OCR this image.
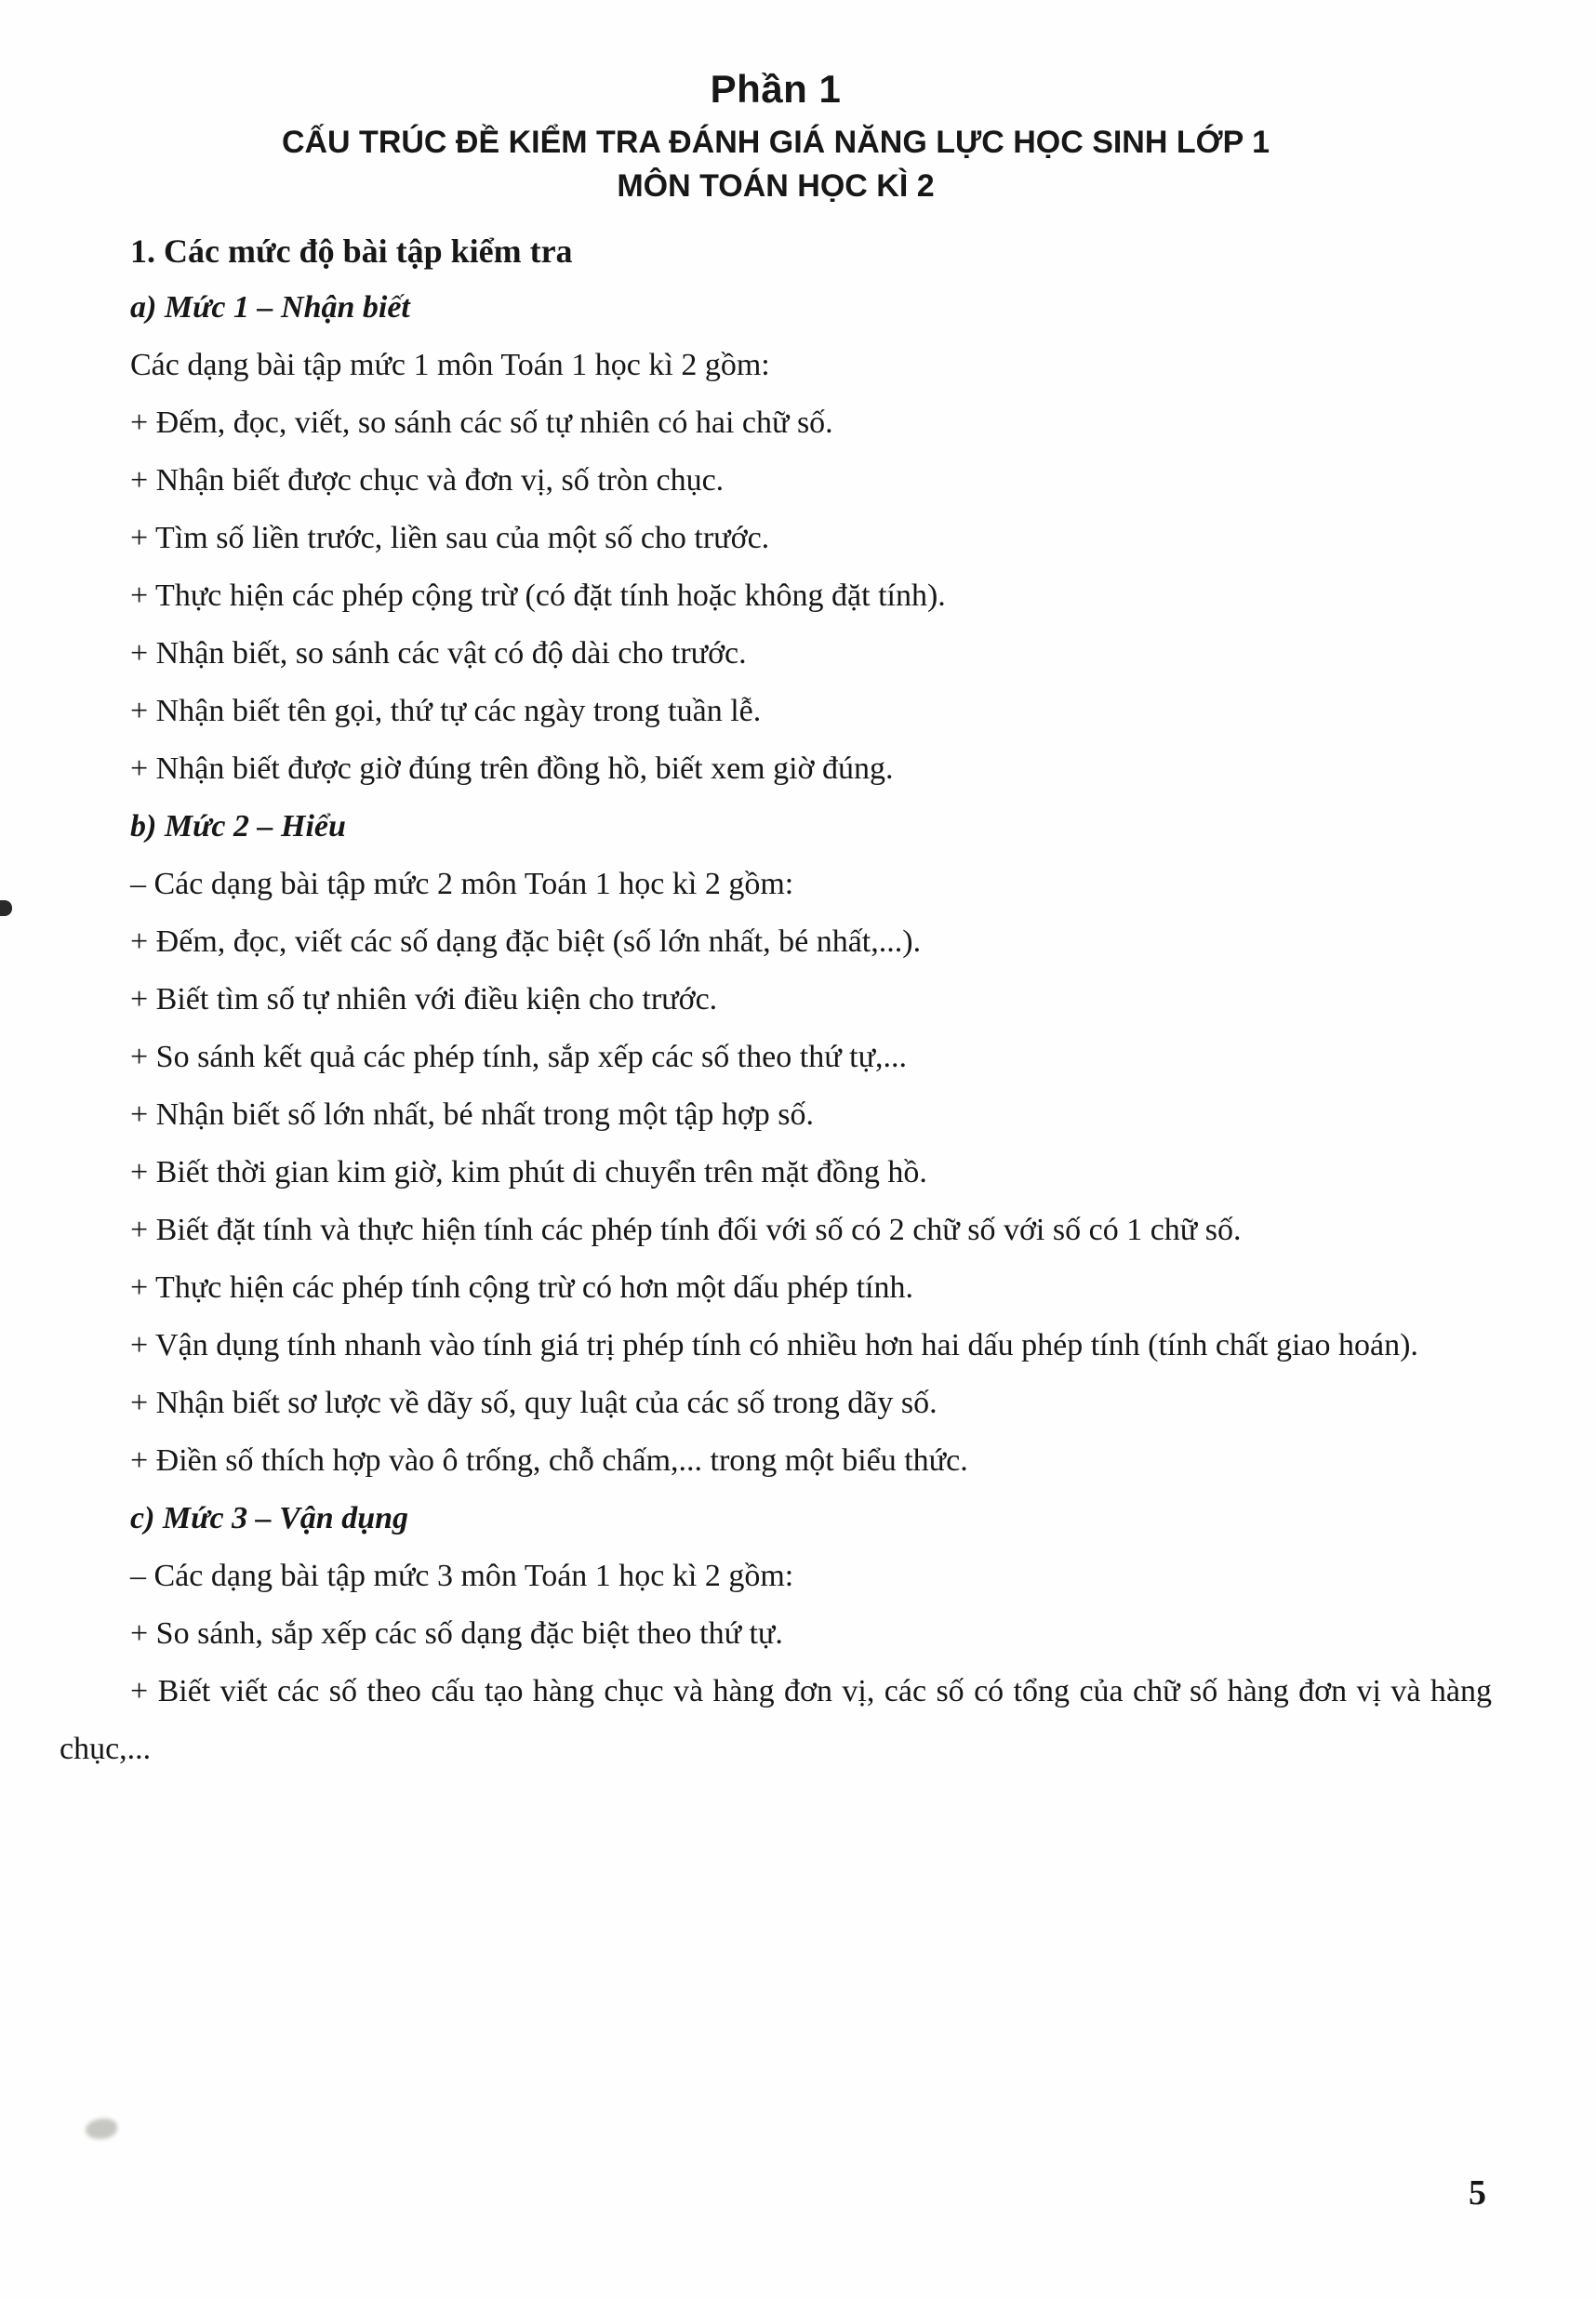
Phần 1
CẤU TRÚC ĐỀ KIỂM TRA ĐÁNH GIÁ NĂNG LỰC HỌC SINH LỚP 1
MÔN TOÁN HỌC KÌ 2
1. Các mức độ bài tập kiểm tra

a) Mức 1 – Nhận biết

Các dạng bài tập mức 1 môn Toán 1 học kì 2 gồm:

+ Đếm, đọc, viết, so sánh các số tự nhiên có hai chữ số.

+ Nhận biết được chục và đơn vị, số tròn chục.

+ Tìm số liền trước, liền sau của một số cho trước.

+ Thực hiện các phép cộng trừ (có đặt tính hoặc không đặt tính).

+ Nhận biết, so sánh các vật có độ dài cho trước.

+ Nhận biết tên gọi, thứ tự các ngày trong tuần lễ.

+ Nhận biết được giờ đúng trên đồng hồ, biết xem giờ đúng.

b) Mức 2 – Hiểu

– Các dạng bài tập mức 2 môn Toán 1 học kì 2 gồm:

+ Đếm, đọc, viết các số dạng đặc biệt (số lớn nhất, bé nhất,...).

+ Biết tìm số tự nhiên với điều kiện cho trước.

+ So sánh kết quả các phép tính, sắp xếp các số theo thứ tự,...

+ Nhận biết số lớn nhất, bé nhất trong một tập hợp số.

+ Biết thời gian kim giờ, kim phút di chuyển trên mặt đồng hồ.

+ Biết đặt tính và thực hiện tính các phép tính đối với số có 2 chữ số với số có 1 chữ số.

+ Thực hiện các phép tính cộng trừ có hơn một dấu phép tính.

+ Vận dụng tính nhanh vào tính giá trị phép tính có nhiều hơn hai dấu phép tính (tính chất giao hoán).

+ Nhận biết sơ lược về dãy số, quy luật của các số trong dãy số.

+ Điền số thích hợp vào ô trống, chỗ chấm,... trong một biểu thức.

c) Mức 3 – Vận dụng

– Các dạng bài tập mức 3 môn Toán 1 học kì 2 gồm:

+ So sánh, sắp xếp các số dạng đặc biệt theo thứ tự.

+ Biết viết các số theo cấu tạo hàng chục và hàng đơn vị, các số có tổng của chữ số hàng đơn vị và hàng chục,...

5
